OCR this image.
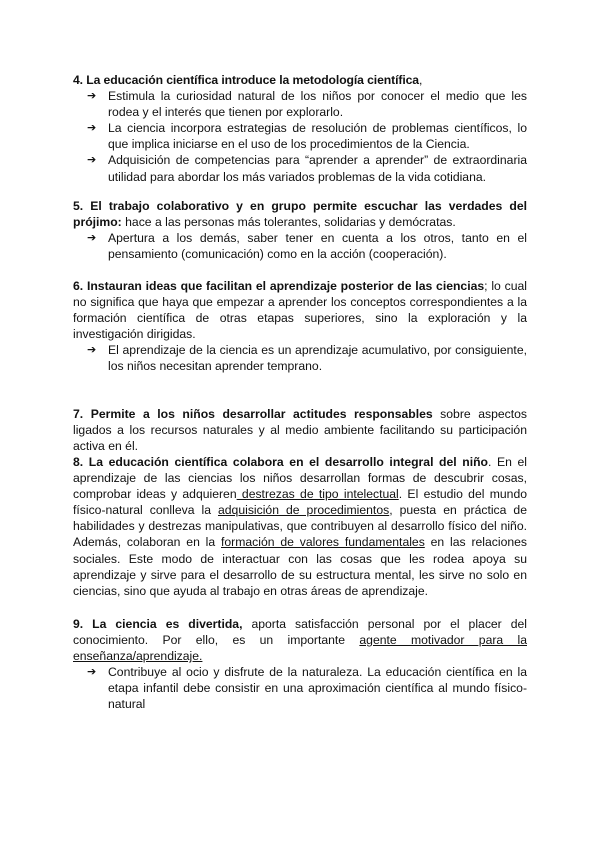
4. La educación científica introduce la metodología científica,

➔ Estimula la curiosidad natural de los niños por conocer el medio que les rodea y el interés que tienen por explorarlo.
➔ La ciencia incorpora estrategias de resolución de problemas científicos, lo que implica iniciarse en el uso de los procedimientos de la Ciencia.
➔ Adquisición de competencias para “aprender a aprender” de extraordinaria utilidad para abordar los más variados problemas de la vida cotidiana.

5. El trabajo colaborativo y en grupo permite escuchar las verdades del prójimo: hace a las personas más tolerantes, solidarias y demócratas.

➔ Apertura a los demás, saber tener en cuenta a los otros, tanto en el pensamiento (comunicación) como en la acción (cooperación).

6. Instauran ideas que facilitan el aprendizaje posterior de las ciencias; lo cual no significa que haya que empezar a aprender los conceptos correspondientes a la formación científica de otras etapas superiores, sino la exploración y la investigación dirigidas.

➔ El aprendizaje de la ciencia es un aprendizaje acumulativo, por consiguiente, los niños necesitan aprender temprano.

7. Permite a los niños desarrollar actitudes responsables sobre aspectos ligados a los recursos naturales y al medio ambiente facilitando su participación activa en él.

8. La educación científica colabora en el desarrollo integral del niño. En el aprendizaje de las ciencias los niños desarrollan formas de descubrir cosas, comprobar ideas y adquieren destrezas de tipo intelectual. El estudio del mundo físico-natural conlleva la adquisición de procedimientos, puesta en práctica de habilidades y destrezas manipulativas, que contribuyen al desarrollo físico del niño. Además, colaboran en la formación de valores fundamentales en las relaciones sociales. Este modo de interactuar con las cosas que les rodea apoya su aprendizaje y sirve para el desarrollo de su estructura mental, les sirve no solo en ciencias, sino que ayuda al trabajo en otras áreas de aprendizaje.

9. La ciencia es divertida, aporta satisfacción personal por el placer del conocimiento. Por ello, es un importante agente motivador para la enseñanza/aprendizaje.

➔ Contribuye al ocio y disfrute de la naturaleza. La educación científica en la etapa infantil debe consistir en una aproximación científica al mundo físico-natural
